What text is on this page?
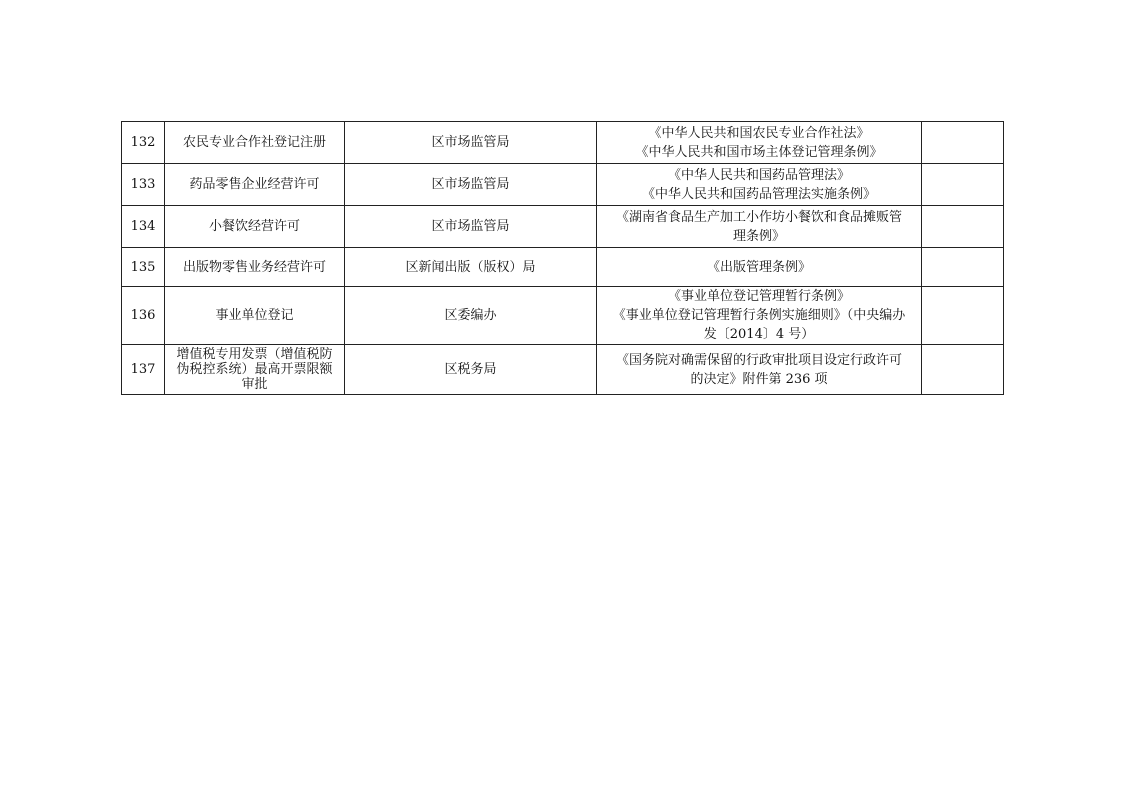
132	农民专业合作社登记注册	区市场监管局	《中华人民共和国农民专业合作社法》
《中华人民共和国市场主体登记管理条例》	

133	药品零售企业经营许可	区市场监管局	《中华人民共和国药品管理法》
《中华人民共和国药品管理法实施条例》	

134	小餐饮经营许可	区市场监管局	《湖南省食品生产加工小作坊小餐饮和食品摊贩管
理条例》	

135	出版物零售业务经营许可	区新闻出版（版权）局	《出版管理条例》	

136	事业单位登记	区委编办	《事业单位登记管理暂行条例》
《事业单位登记管理暂行条例实施细则》（中央编办
发〔2014〕4 号）	

137	增值税专用发票（增值税防
伪税控系统）最高开票限额
审批	区税务局	《国务院对确需保留的行政审批项目设定行政许可
的决定》附件第 236 项	
